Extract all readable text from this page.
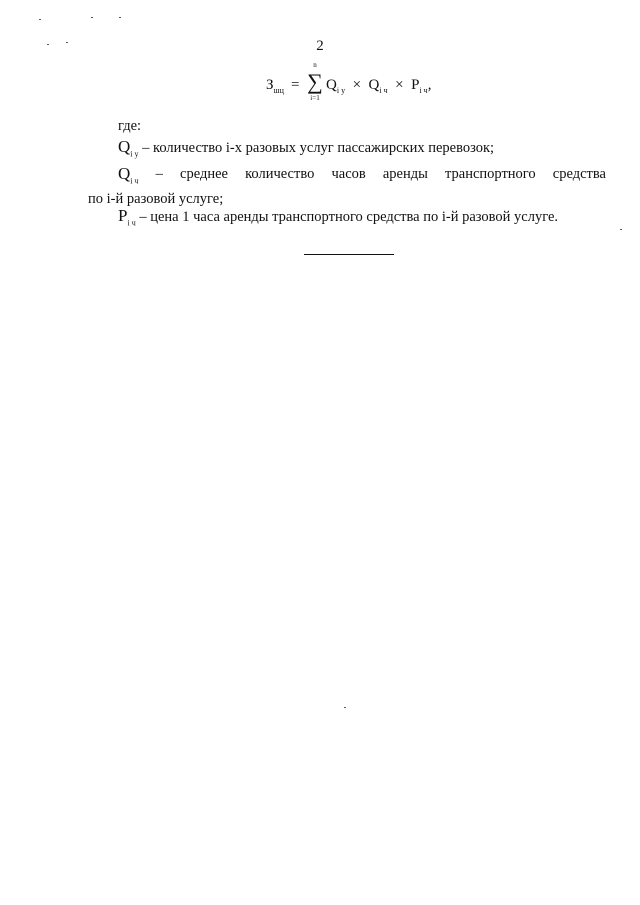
2
$З_{шц}$ =
n
∑
i=1
$Q_{i у} \times Q_{i ч} \times P_{i ч}$,
где:
$Q_{i у}$ – количество i-х разовых услуг пассажирских перевозок;
$Q_{i ч}$ – среднее количество часов аренды транспортного средства
по i-й разовой услуге;
$P_{i ч}$ – цена 1 часа аренды транспортного средства по i-й разовой услуге.
